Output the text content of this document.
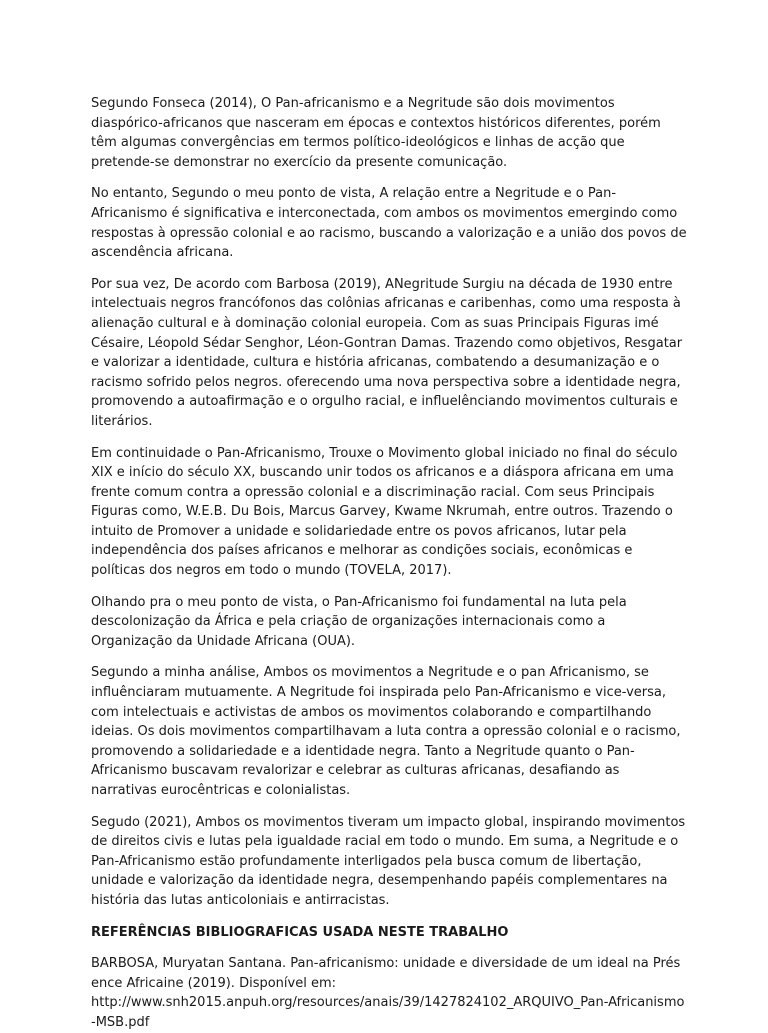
Segundo Fonseca (2014), O Pan-africanismo e a Negritude são dois movimentos diaspórico-africanos que nasceram em épocas e contextos históricos diferentes, porém têm algumas convergências em termos político-ideológicos e linhas de acção que pretende-se demonstrar no exercício da presente comunicação.

No entanto, Segundo o meu ponto de vista, A relação entre a Negritude e o Pan-Africanismo é significativa e interconectada, com ambos os movimentos emergindo como respostas à opressão colonial e ao racismo, buscando a valorização e a união dos povos de ascendência africana.

Por sua vez, De acordo com Barbosa (2019), ANegritude Surgiu na década de 1930 entre intelectuais negros francófonos das colônias africanas e caribenhas, como uma resposta à alienação cultural e à dominação colonial europeia. Com as suas Principais Figuras imé Césaire, Léopold Sédar Senghor, Léon-Gontran Damas. Trazendo como objetivos, Resgatar e valorizar a identidade, cultura e história africanas, combatendo a desumanização e o racismo sofrido pelos negros. oferecendo uma nova perspectiva sobre a identidade negra, promovendo a autoafirmação e o orgulho racial, e influelênciando movimentos culturais e literários.

Em continuidade o Pan-Africanismo, Trouxe o Movimento global iniciado no final do século XIX e início do século XX, buscando unir todos os africanos e a diáspora africana em uma frente comum contra a opressão colonial e a discriminação racial. Com seus Principais Figuras como, W.E.B. Du Bois, Marcus Garvey, Kwame Nkrumah, entre outros. Trazendo o intuito de Promover a unidade e solidariedade entre os povos africanos, lutar pela independência dos países africanos e melhorar as condições sociais, econômicas e políticas dos negros em todo o mundo (TOVELA, 2017).

Olhando pra o meu ponto de vista, o Pan-Africanismo foi fundamental na luta pela descolonização da África e pela criação de organizações internacionais como a Organização da Unidade Africana (OUA).

Segundo a minha análise, Ambos os movimentos a Negritude e o pan Africanismo, se influênciaram mutuamente. A Negritude foi inspirada pelo Pan-Africanismo e vice-versa, com intelectuais e activistas de ambos os movimentos colaborando e compartilhando ideias. Os dois movimentos compartilhavam a luta contra a opressão colonial e o racismo, promovendo a solidariedade e a identidade negra. Tanto a Negritude quanto o Pan-Africanismo buscavam revalorizar e celebrar as culturas africanas, desafiando as narrativas eurocêntricas e colonialistas.

Segudo (2021), Ambos os movimentos tiveram um impacto global, inspirando movimentos de direitos civis e lutas pela igualdade racial em todo o mundo. Em suma, a Negritude e o Pan-Africanismo estão profundamente interligados pela busca comum de libertação, unidade e valorização da identidade negra, desempenhando papéis complementares na história das lutas anticoloniais e antirracistas.

REFERÊNCIAS BIBLIOGRAFICAS USADA NESTE TRABALHO

BARBOSA, Muryatan Santana. Pan-africanismo: unidade e diversidade de um ideal na Présence Africaine (2019). Disponível em:
http://www.snh2015.anpuh.org/resources/anais/39/1427824102_ARQUIVO_Pan-Africanismo-MSB.pdf
